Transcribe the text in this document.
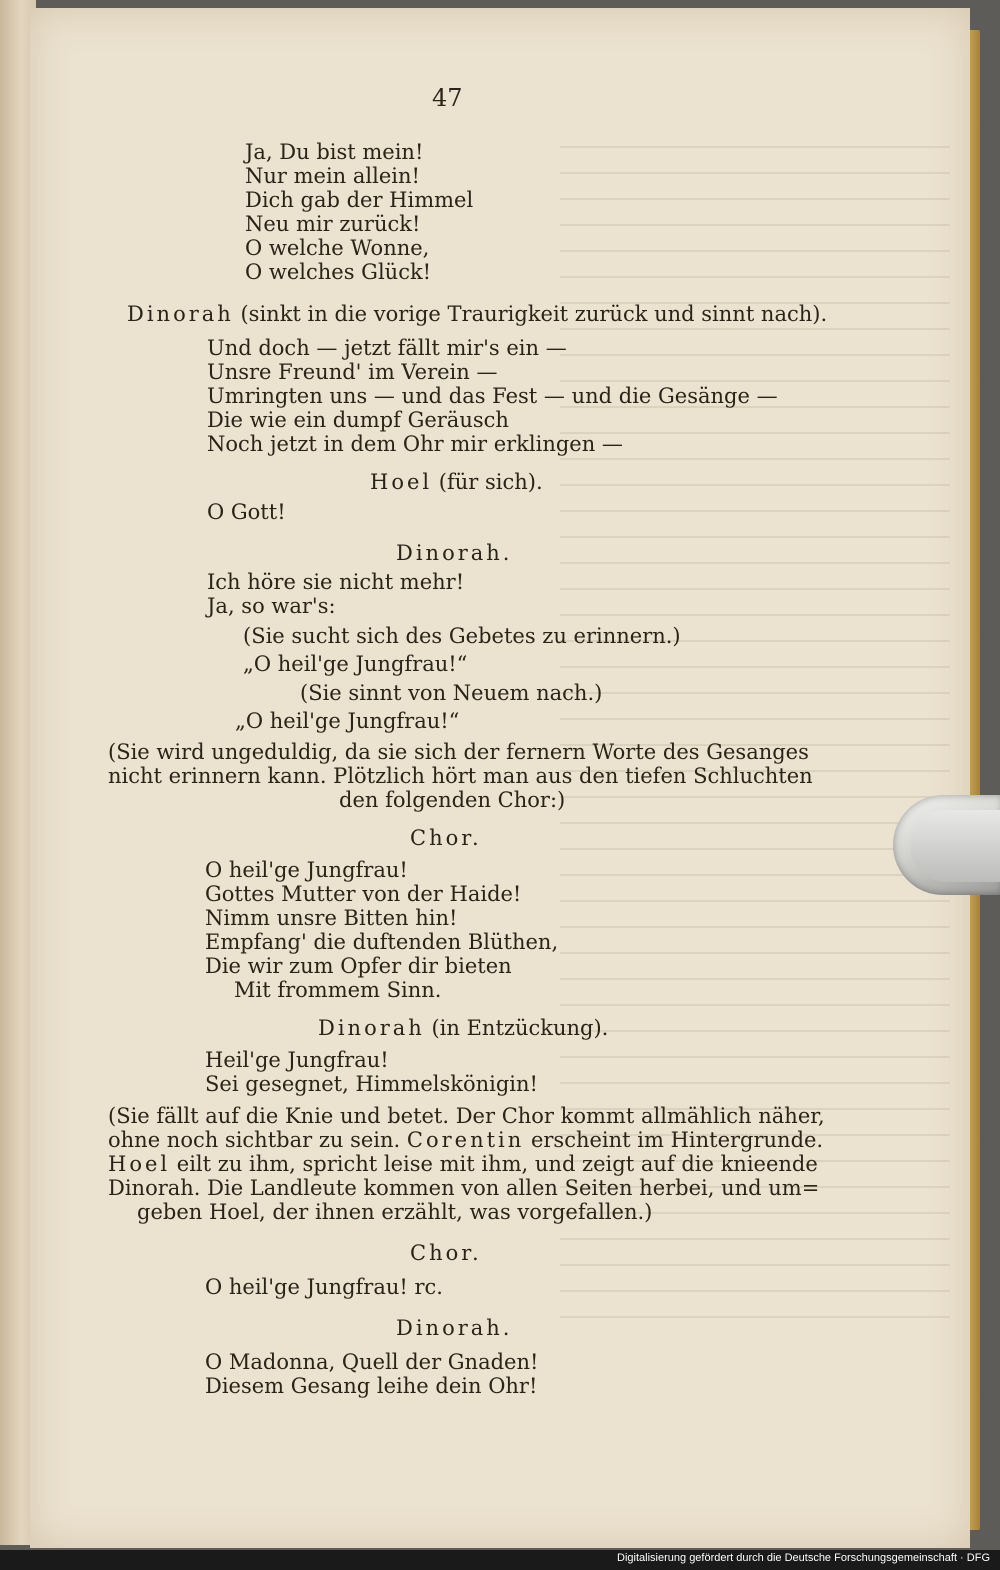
47
Ja, Du bist mein!
Nur mein allein!
Dich gab der Himmel
Neu mir zurück!
O welche Wonne,
O welches Glück!
Dinorah (sinkt in die vorige Traurigkeit zurück und sinnt nach).
Und doch — jetzt fällt mir's ein —
Unsre Freund' im Verein —
Umringten uns — und das Fest — und die Gesänge —
Die wie ein dumpf Geräusch
Noch jetzt in dem Ohr mir erklingen —
Hoel (für sich).
O Gott!
Dinorah.
Ich höre sie nicht mehr!
Ja, so war's:
(Sie sucht sich des Gebetes zu erinnern.)
„O heil'ge Jungfrau!“
(Sie sinnt von Neuem nach.)
„O heil'ge Jungfrau!“
(Sie wird ungeduldig, da sie sich der fernern Worte des Gesanges
nicht erinnern kann. Plötzlich hört man aus den tiefen Schluchten
den folgenden Chor:)
Chor.
O heil'ge Jungfrau!
Gottes Mutter von der Haide!
Nimm unsre Bitten hin!
Empfang' die duftenden Blüthen,
Die wir zum Opfer dir bieten
Mit frommem Sinn.
Dinorah (in Entzückung).
Heil'ge Jungfrau!
Sei gesegnet, Himmelskönigin!
(Sie fällt auf die Knie und betet. Der Chor kommt allmählich näher,
ohne noch sichtbar zu sein. Corentin erscheint im Hintergrunde.
Hoel eilt zu ihm, spricht leise mit ihm, und zeigt auf die knieende
Dinorah. Die Landleute kommen von allen Seiten herbei, und um=
geben Hoel, der ihnen erzählt, was vorgefallen.)
Chor.
O heil'ge Jungfrau! rc.
Dinorah.
O Madonna, Quell der Gnaden!
Diesem Gesang leihe dein Ohr!
Digitalisierung gefördert durch die Deutsche Forschungsgemeinschaft · DFG
